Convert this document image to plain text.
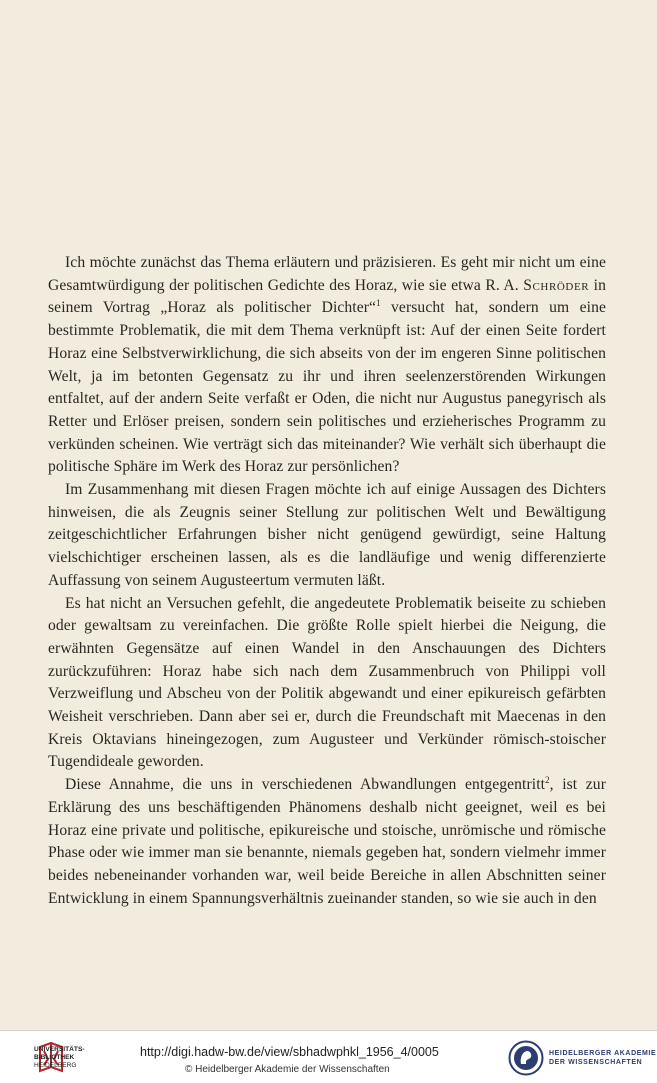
Ich möchte zunächst das Thema erläutern und präzisieren. Es geht mir nicht um eine Gesamtwürdigung der politischen Gedichte des Horaz, wie sie etwa R. A. Schröder in seinem Vortrag „Horaz als politischer Dichter“$^1$ versucht hat, sondern um eine bestimmte Problematik, die mit dem Thema verknüpft ist: Auf der einen Seite fordert Horaz eine Selbstverwirklichung, die sich abseits von der im engeren Sinne politischen Welt, ja im betonten Gegensatz zu ihr und ihren seelenzerstörenden Wirkungen entfaltet, auf der andern Seite verfaßt er Oden, die nicht nur Augustus panegyrisch als Retter und Erlöser preisen, sondern sein politisches und erzieherisches Programm zu verkünden scheinen. Wie verträgt sich das miteinander? Wie verhält sich überhaupt die politische Sphäre im Werk des Horaz zur persönlichen?

Im Zusammenhang mit diesen Fragen möchte ich auf einige Aussagen des Dichters hinweisen, die als Zeugnis seiner Stellung zur politischen Welt und Bewältigung zeitgeschichtlicher Erfahrungen bisher nicht genügend gewürdigt, seine Haltung vielschichtiger erscheinen lassen, als es die landläufige und wenig differenzierte Auffassung von seinem Augusteertum vermuten läßt.

Es hat nicht an Versuchen gefehlt, die angedeutete Problematik beiseite zu schieben oder gewaltsam zu vereinfachen. Die größte Rolle spielt hierbei die Neigung, die erwähnten Gegensätze auf einen Wandel in den Anschauungen des Dichters zurückzuführen: Horaz habe sich nach dem Zusammenbruch von Philippi voll Verzweiflung und Abscheu von der Politik abgewandt und einer epikureisch gefärbten Weisheit verschrieben. Dann aber sei er, durch die Freundschaft mit Maecenas in den Kreis Oktavians hineingezogen, zum Augusteer und Verkünder römisch-stoischer Tugendideale geworden.

Diese Annahme, die uns in verschiedenen Abwandlungen entgegentritt$^2$, ist zur Erklärung des uns beschäftigenden Phänomens deshalb nicht geeignet, weil es bei Horaz eine private und politische, epikureische und stoische, unrömische und römische Phase oder wie immer man sie benannte, niemals gegeben hat, sondern vielmehr immer beides nebeneinander vorhanden war, weil beide Bereiche in allen Abschnitten seiner Entwicklung in einem Spannungsverhältnis zueinander standen, so wie sie auch in den

UNIVERSITÄTS-
BIBLIOTHEK
HEIDELBERG
http://digi.hadw-bw.de/view/sbhadwphkl_1956_4/0005
© Heidelberger Akademie der Wissenschaften
HEIDELBERGER AKADEMIE
DER WISSENSCHAFTEN
